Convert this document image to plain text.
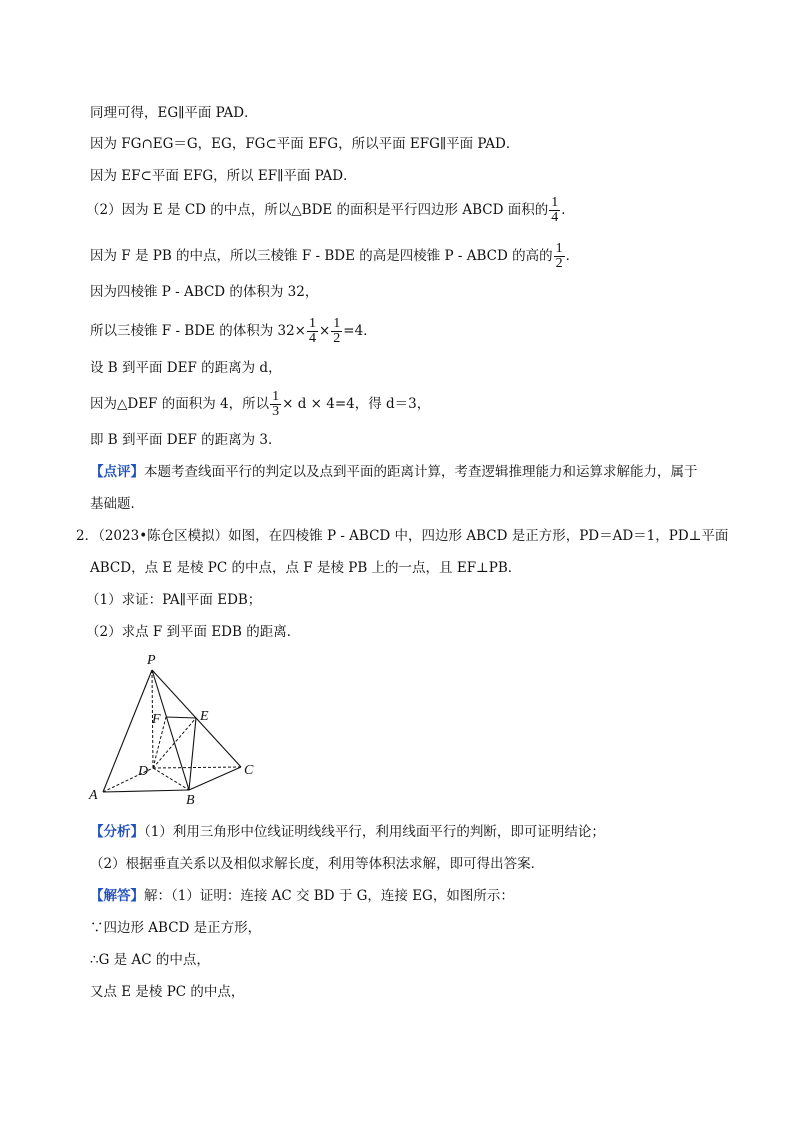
同理可得，EG∥平面 PAD．
因为 FG∩EG＝G，EG，FG⊂平面 EFG，所以平面 EFG∥平面 PAD．
因为 EF⊂平面 EFG，所以 EF∥平面 PAD．
（2）因为 E 是 CD 的中点，所以△BDE 的面积是平行四边形 ABCD 面积的 $\frac{1}{4}$ ．
因为 F 是 PB 的中点，所以三棱锥 F - BDE 的高是四棱锥 P - ABCD 的高的 $\frac{1}{2}$ ．
因为四棱锥 P - ABCD 的体积为 32，
所以三棱锥 F - BDE 的体积为 $32\times \frac{1}{4} \times \frac{1}{2} =4$．
设 B 到平面 DEF 的距离为 d，
因为△DEF 的面积为 4，所以 $\frac{1}{3} \times d \times 4=4$，得 d＝3，
即 B 到平面 DEF 的距离为 3．
【点评】本题考查线面平行的判定以及点到平面的距离计算，考查逻辑推理能力和运算求解能力，属于
基础题．
2．（2023•陈仓区模拟）如图，在四棱锥 P - ABCD 中，四边形 ABCD 是正方形，PD＝AD＝1，PD⊥平面
ABCD，点 E 是棱 PC 的中点，点 F 是棱 PB 上的一点，且 EF⊥PB．
（1）求证：PA∥平面 EDB；
（2）求点 F 到平面 EDB 的距离．
P
F	E
D	C
A	B
【分析】（1）利用三角形中位线证明线线平行，利用线面平行的判断，即可证明结论；
（2）根据垂直关系以及相似求解长度，利用等体积法求解，即可得出答案．
【解答】解：（1）证明：连接 AC 交 BD 于 G，连接 EG，如图所示：
∵四边形 ABCD 是正方形，
∴G 是 AC 的中点，
又点 E 是棱 PC 的中点，
